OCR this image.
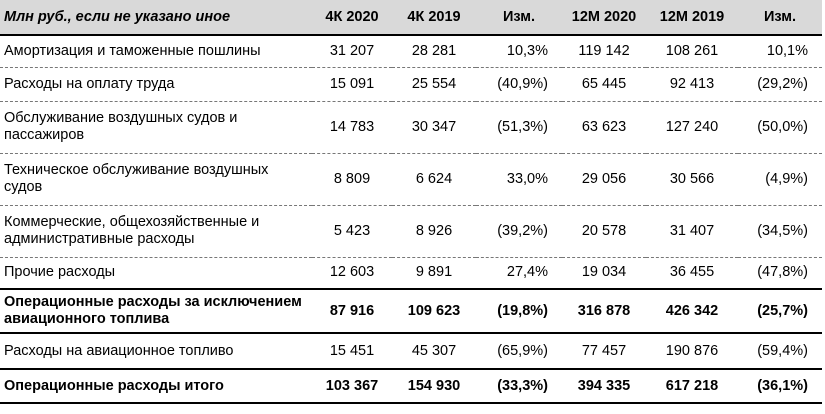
Млн руб., если не указано иное	4К 2020	4К 2019	Изм.	12М 2020	12М 2019	Изм.
Амортизация и таможенные пошлины	31 207	28 281	10,3%	119 142	108 261	10,1%
Расходы на оплату труда	15 091	25 554	(40,9%)	65 445	92 413	(29,2%)
Обслуживание воздушных судов и пассажиров	14 783	30 347	(51,3%)	63 623	127 240	(50,0%)
Техническое обслуживание воздушных судов	8 809	6 624	33,0%	29 056	30 566	(4,9%)
Коммерческие, общехозяйственные и административные расходы	5 423	8 926	(39,2%)	20 578	31 407	(34,5%)
Прочие расходы	12 603	9 891	27,4%	19 034	36 455	(47,8%)
Операционные расходы за исключением авиационного топлива	87 916	109 623	(19,8%)	316 878	426 342	(25,7%)
Расходы на авиационное топливо	15 451	45 307	(65,9%)	77 457	190 876	(59,4%)
Операционные расходы итого	103 367	154 930	(33,3%)	394 335	617 218	(36,1%)
